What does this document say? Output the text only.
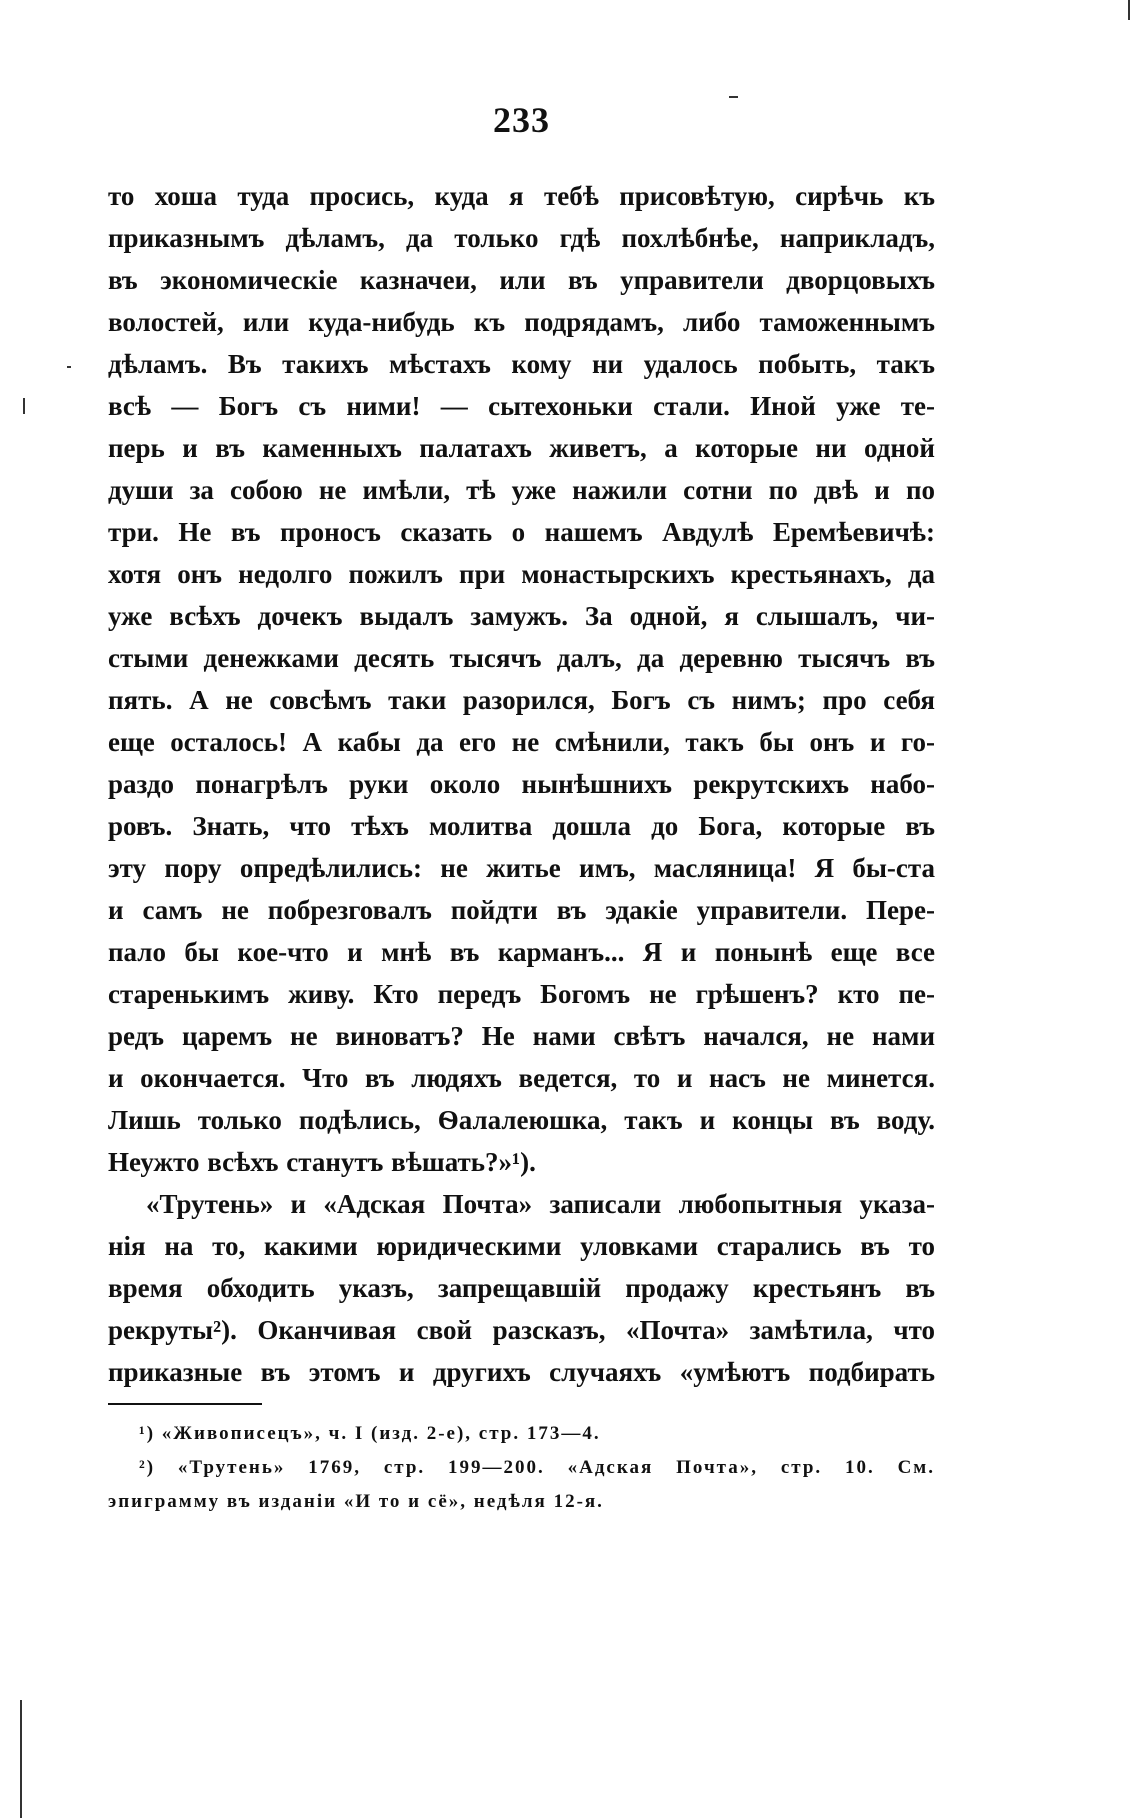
233
то хоша туда просись, куда я тебѣ присовѣтую, сирѣчь къ
приказнымъ дѣламъ, да только гдѣ похлѣбнѣе, наприкладъ,
въ экономическіе казначеи, или въ управители дворцовыхъ
волостей, или куда-нибудь къ подрядамъ, либо таможеннымъ
дѣламъ. Въ такихъ мѣстахъ кому ни удалось побыть, такъ
всѣ — Богъ съ ними! — сытехоньки стали. Иной уже те-
перь и въ каменныхъ палатахъ живетъ, а которые ни одной
души за собою не имѣли, тѣ уже нажили сотни по двѣ и по
три. Не въ проносъ сказать о нашемъ Авдулѣ Еремѣевичѣ:
хотя онъ недолго пожилъ при монастырскихъ крестьянахъ, да
уже всѣхъ дочекъ выдалъ замужъ. За одной, я слышалъ, чи-
стыми денежками десять тысячъ далъ, да деревню тысячъ въ
пять. А не совсѣмъ таки разорился, Богъ съ нимъ; про себя
еще осталось! А кабы да его не смѣнили, такъ бы онъ и го-
раздо понагрѣлъ руки около нынѣшнихъ рекрутскихъ набо-
ровъ. Знать, что тѣхъ молитва дошла до Бога, которые въ
эту пору опредѣлились: не житье имъ, масляница! Я бы-ста
и самъ не побрезговалъ пойдти въ эдакіе управители. Пере-
пало бы кое-что и мнѣ въ карманъ... Я и понынѣ еще все
старенькимъ живу. Кто передъ Богомъ не грѣшенъ? кто пе-
редъ царемъ не виноватъ? Не нами свѣтъ начался, не нами
и окончается. Что въ людяхъ ведется, то и насъ не минется.
Лишь только подѣлись, Ѳалалеюшка, такъ и концы въ воду.
Неужто всѣхъ станутъ вѣшать?»¹).
«Трутень» и «Адская Почта» записали любопытныя указа-
нія на то, какими юридическими уловками старались въ то
время обходить указъ, запрещавшій продажу крестьянъ въ
рекруты²). Оканчивая свой разсказъ, «Почта» замѣтила, что
приказные въ этомъ и другихъ случаяхъ «умѣютъ подбирать
¹) «Живописецъ», ч. I (изд. 2-е), стр. 173—4.
²) «Трутень» 1769, стр. 199—200. «Адская Почта», стр. 10. См.
эпиграмму въ изданіи «И то и сё», недѣля 12-я.
